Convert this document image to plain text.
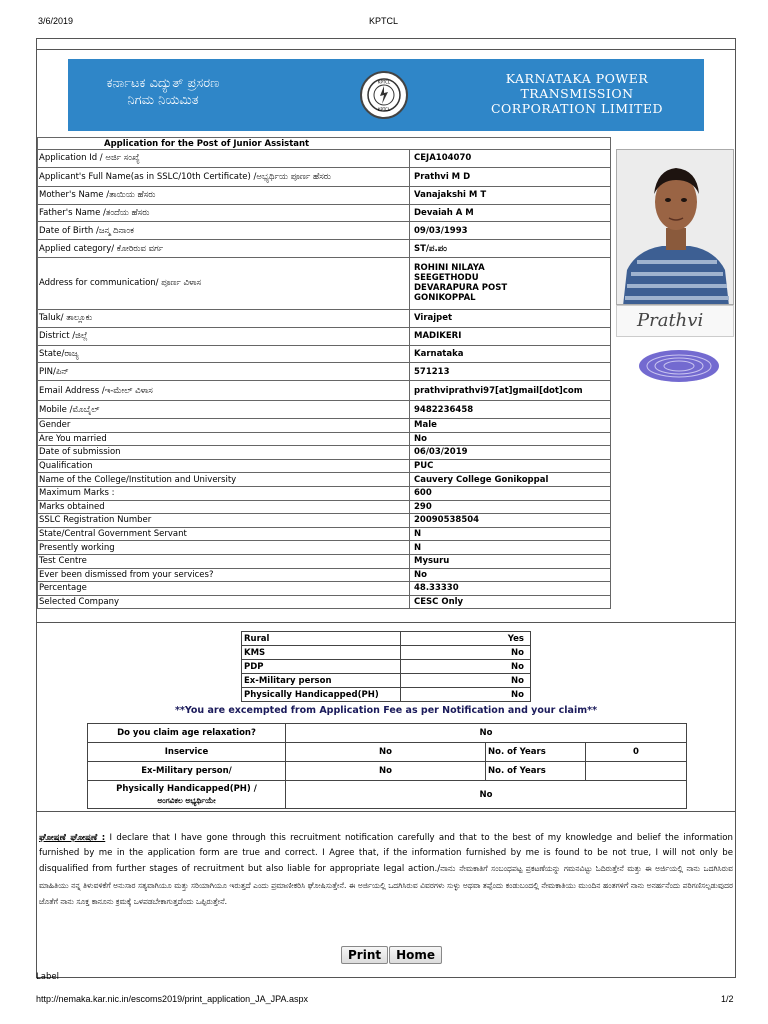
3/6/2019	KPTCL
ಕರ್ನಾಟಕ ವಿದ್ಯುತ್ ಪ್ರಸರಣ
ನಿಗಮ ನಿಯಮಿತ
KPTCL
KPTCL
KARNATAKA POWER
TRANSMISSION
CORPORATION LIMITED
Application for the Post of Junior Assistant	
Application Id / ಅರ್ಜಿ ಸಂಖ್ಯೆ	CEJA104070
Applicant's Full Name(as in SSLC/10th Certificate) /ಅಭ್ಯರ್ಥಿಯ ಪೂರ್ಣ ಹೆಸರು	Prathvi M D
Mother's Name /ತಾಯಿಯ ಹೆಸರು	Vanajakshi M T
Father's Name /ತಂದೆಯ ಹೆಸರು	Devaiah A M
Date of Birth /ಜನ್ಮ ದಿನಾಂಕ	09/03/1993
Applied category/ ಕೋರಿರುವ ವರ್ಗ	ST/ಪ.ಪಂ
Address for communication/ ಪೂರ್ಣ ವಿಳಾಸ	ROHINI NILAYA
SEEGETHODU
DEVARAPURA POST
GONIKOPPAL

Taluk/ ತಾಲ್ಲೂಕು	Virajpet
District /ಜಿಲ್ಲೆ	MADIKERI
State/ರಾಜ್ಯ	Karnataka
PIN/ಪಿನ್	571213
Email Address /ಇ-ಮೇಲ್ ವಿಳಾಸ	prathviprathvi97[at]gmail[dot]com
Mobile /ಮೊಬೈಲ್	9482236458
Gender	Male
Are You married	No
Date of submission	06/03/2019
Qualification	PUC
Name of the College/Institution and University	Cauvery College Gonikoppal
Maximum Marks :	600
Marks obtained	290
SSLC Registration Number	20090538504
State/Central Government Servant	N
Presently working	N
Test Centre	Mysuru
Ever been dismissed from your services?	No
Percentage	48.33330
Selected Company	CESC Only
Prathvi
Rural	Yes
KMS	No
PDP	No
Ex-Military person	No
Physically Handicapped(PH)	No
**You are excempted from Application Fee as per Notification and your claim**
Do you claim age relaxation?	No		
Inservice	No	No. of Years	0
Ex-Military person/	No	No. of Years	

Physically Handicapped(PH) /
ಅಂಗವಿಕಲ ಅಭ್ಯರ್ಥಿಯೇ	No		
ಘೋಷಣೆ ಘೋಷಣೆ : I declare that I have gone through this recruitment notification carefully and that to the best of my knowledge and belief the information furnished by me in the application form are true and correct. I Agree that, if the information furnished by me is found to be not true, I will not only be disqualified from further stages of recruitment but also liable for appropriate legal action./ನಾನು ನೇಮಕಾತಿಗೆ ಸಂಬಂಧಪಟ್ಟ ಪ್ರಕಟಣೆಯನ್ನು ಗಮನವಿಟ್ಟು ಓದಿರುತ್ತೇನೆ ಮತ್ತು ಈ ಅರ್ಜಿಯಲ್ಲಿ ನಾನು ಒದಗಿಸಿರುವ ಮಾಹಿತಿಯು ನನ್ನ ತಿಳುವಳಿಕೆಗೆ ಅನುಸಾರ ಸತ್ಯವಾಗಿಯೂ ಮತ್ತು ಸರಿಯಾಗಿಯೂ ಇರುತ್ತದೆ ಎಂದು ಪ್ರಮಾಣೀಕರಿಸಿ ಘೋಷಿಸುತ್ತೇನೆ. ಈ ಅರ್ಜಿಯಲ್ಲಿ ಒದಗಿಸಿರುವ ವಿವರಗಳು ಸುಳ್ಳು ಅಥವಾ ತಪ್ಪೆಂದು ಕಂಡುಬಂದಲ್ಲಿ ನೇಮಕಾತಿಯು ಮುಂದಿನ ಹಂತಗಳಿಗೆ ನಾನು ಅನರ್ಹನೆಂದು ಪರಿಗಣಿಸಲ್ಪಡುವುದರ ಜೊತೆಗೆ ನಾನು ಸೂಕ್ತ ಕಾನೂನು ಕ್ರಮಕ್ಕೆ ಒಳಪಡಬೇಕಾಗುತ್ತದೆಂದು ಒಪ್ಪಿರುತ್ತೇನೆ.
Print Home
Label
http://nemaka.kar.nic.in/escoms2019/print_application_JA_JPA.aspx	1/2
